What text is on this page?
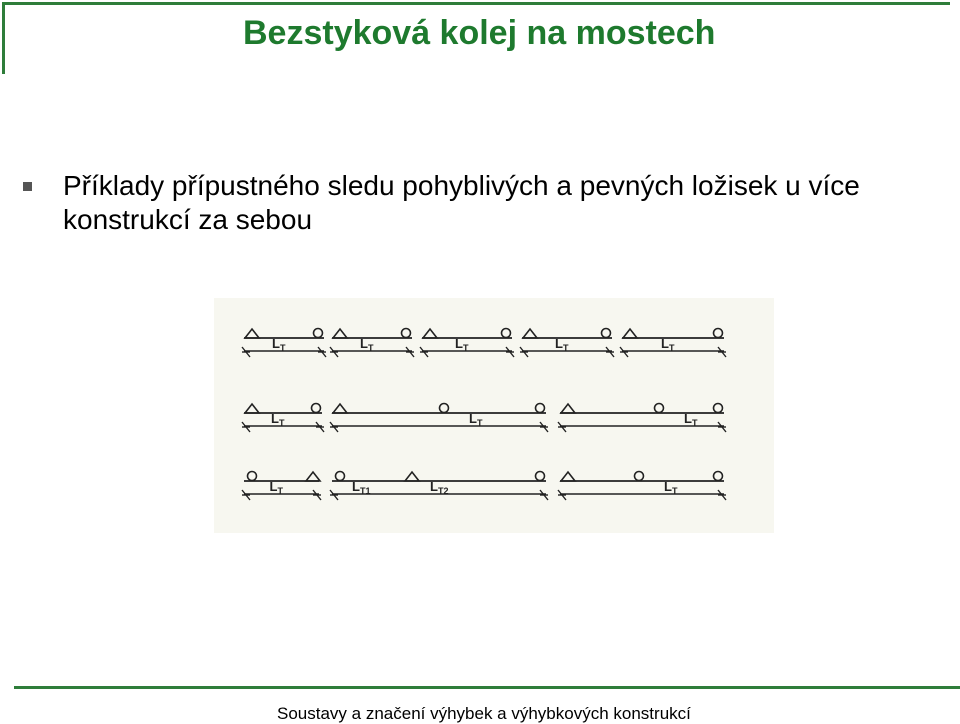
Bezstyková kolej na mostech
Příklady přípustného sledu pohyblivých a pevných ložisek u více konstrukcí za sebou
$L_T$	$L_T$	$L_T$	$L_T$	$L_T$
$L_T$	$L_T$	$L_T$
$L_T$	$L_{T1}$	$L_{T2}$	$L_T$
Soustavy a značení výhybek a výhybkových konstrukcí
